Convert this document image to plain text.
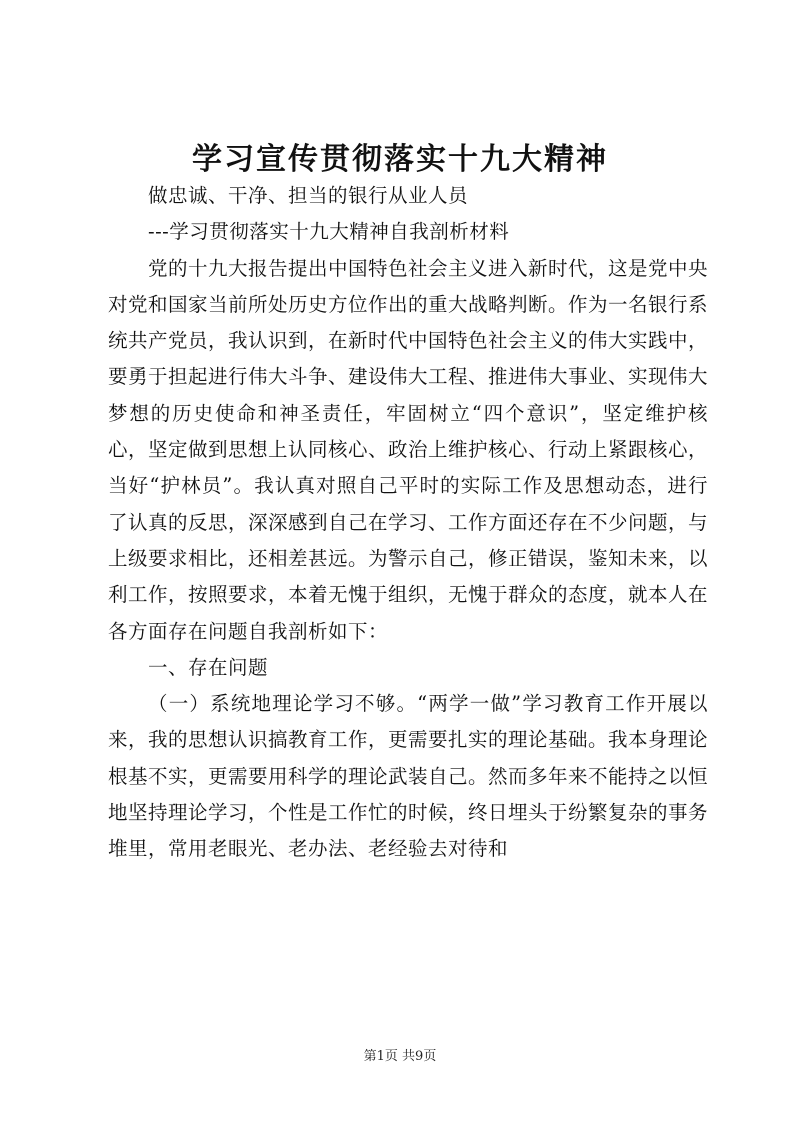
学习宣传贯彻落实十九大精神

做忠诚、干净、担当的银行从业人员

---学习贯彻落实十九大精神自我剖析材料

党的十九大报告提出中国特色社会主义进入新时代，这是党中央对党和国家当前所处历史方位作出的重大战略判断。作为一名银行系统共产党员，我认识到，在新时代中国特色社会主义的伟大实践中，要勇于担起进行伟大斗争、建设伟大工程、推进伟大事业、实现伟大梦想的历史使命和神圣责任，牢固树立“四个意识”，坚定维护核心，坚定做到思想上认同核心、政治上维护核心、行动上紧跟核心，当好“护林员”。我认真对照自己平时的实际工作及思想动态，进行了认真的反思，深深感到自己在学习、工作方面还存在不少问题，与上级要求相比，还相差甚远。为警示自己，修正错误，鉴知未来，以利工作，按照要求，本着无愧于组织，无愧于群众的态度，就本人在各方面存在问题自我剖析如下：

一、存在问题

（一）系统地理论学习不够。“两学一做”学习教育工作开展以来，我的思想认识搞教育工作，更需要扎实的理论基础。我本身理论根基不实，更需要用科学的理论武装自己。然而多年来不能持之以恒地坚持理论学习，个性是工作忙的时候，终日埋头于纷繁复杂的事务堆里，常用老眼光、老办法、老经验去对待和

第1页 共9页
